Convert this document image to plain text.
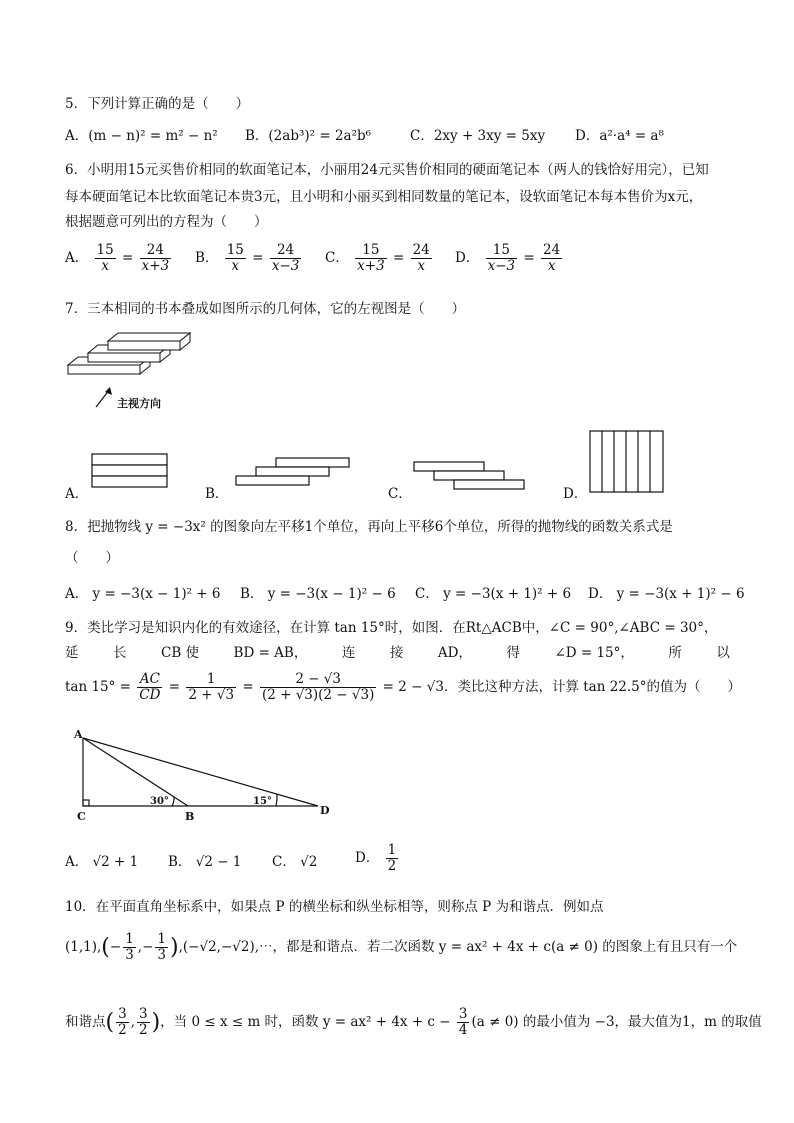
5．下列计算正确的是（　　）
A．(m − n)² = m² − n² B．(2ab³)² = 2a²b⁶	C．2xy + 3xy = 5xy D．a²·a⁴ = a⁸
6．小明用15元买售价相同的软面笔记本，小丽用24元买售价相同的硬面笔记本（两人的钱恰好用完），已知
每本硬面笔记本比软面笔记本贵3元，且小明和小丽买到相同数量的笔记本，设软面笔记本每本售价为x元，
根据题意可列出的方程为（　　）
A． $\frac{15}{x} = \frac{24}{x+3}$ B． $\frac{15}{x} = \frac{24}{x-3}$ C． $\frac{15}{x+3} = \frac{24}{x}$ D． $\frac{15}{x-3} = \frac{24}{x}$
7．三本相同的书本叠成如图所示的几何体，它的左视图是（　　）
主视方向
A．	B．	C．	D．
8．把抛物线 y = −3x² 的图象向左平移1个单位，再向上平移6个单位，所得的抛物线的函数关系式是
（　　）
A． y = −3(x − 1)² + 6 B． y = −3(x − 1)² − 6 C． y = −3(x + 1)² + 6 D． y = −3(x + 1)² − 6
9．类比学习是知识内化的有效途径，在计算 tan 15°时，如图．在Rt△ACB中，∠C = 90°,∠ABC = 30°，
延	长	CB 使	BD = AB，	连	接	AD，	得	∠D = 15°，	所	以
$\tan 15^\circ = \frac{AC}{CD} = \frac{1}{2 + √3} = \frac{2 - √3}{(2 + √3)(2 - √3)} = 2 - √3$．类比这种方法，计算 tan 22.5°的值为（　　）
A
C	B	D
30°	15°
A． √2 + 1 B． √2 − 1 C． √2	D． $\frac{1}{2}$
10．在平面直角坐标系中，如果点 P 的横坐标和纵坐标相等，则称点 P 为和谐点．例如点
$(1,1),(- \frac{1}{3}$ ,− $\frac{1}{3}$ ),(−√2,−√2),⋯，都是和谐点．若二次函数 y = ax² + 4x + c(a ≠ 0) 的图象上有且只有一个
和谐点( $\frac{3}{2}$ , $\frac{3}{2}$ )，当 0 ≤ x ≤ m 时，函数 $y = ax^2 + 4x + c - \frac{3}{4} (a \ne 0)$ 的最小值为 −3，最大值为1，m 的取值
